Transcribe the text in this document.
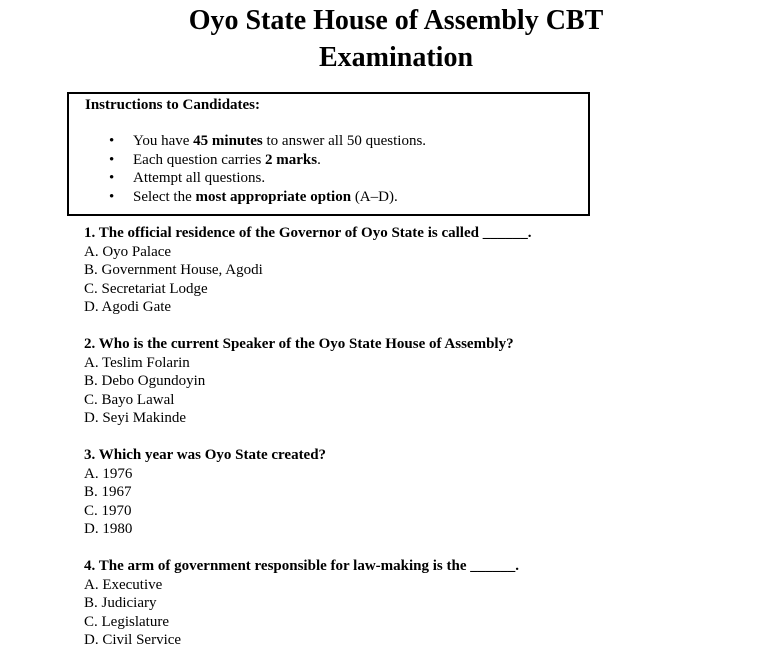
Oyo State House of Assembly CBT
Examination
Instructions to Candidates:
• You have 45 minutes to answer all 50 questions.
• Each question carries 2 marks.
• Attempt all questions.
• Select the most appropriate option (A–D).
1. The official residence of the Governor of Oyo State is called ______.
A. Oyo Palace
B. Government House, Agodi
C. Secretariat Lodge
D. Agodi Gate
2. Who is the current Speaker of the Oyo State House of Assembly?
A. Teslim Folarin
B. Debo Ogundoyin
C. Bayo Lawal
D. Seyi Makinde
3. Which year was Oyo State created?
A. 1976
B. 1967
C. 1970
D. 1980
4. The arm of government responsible for law-making is the ______.
A. Executive
B. Judiciary
C. Legislature
D. Civil Service
